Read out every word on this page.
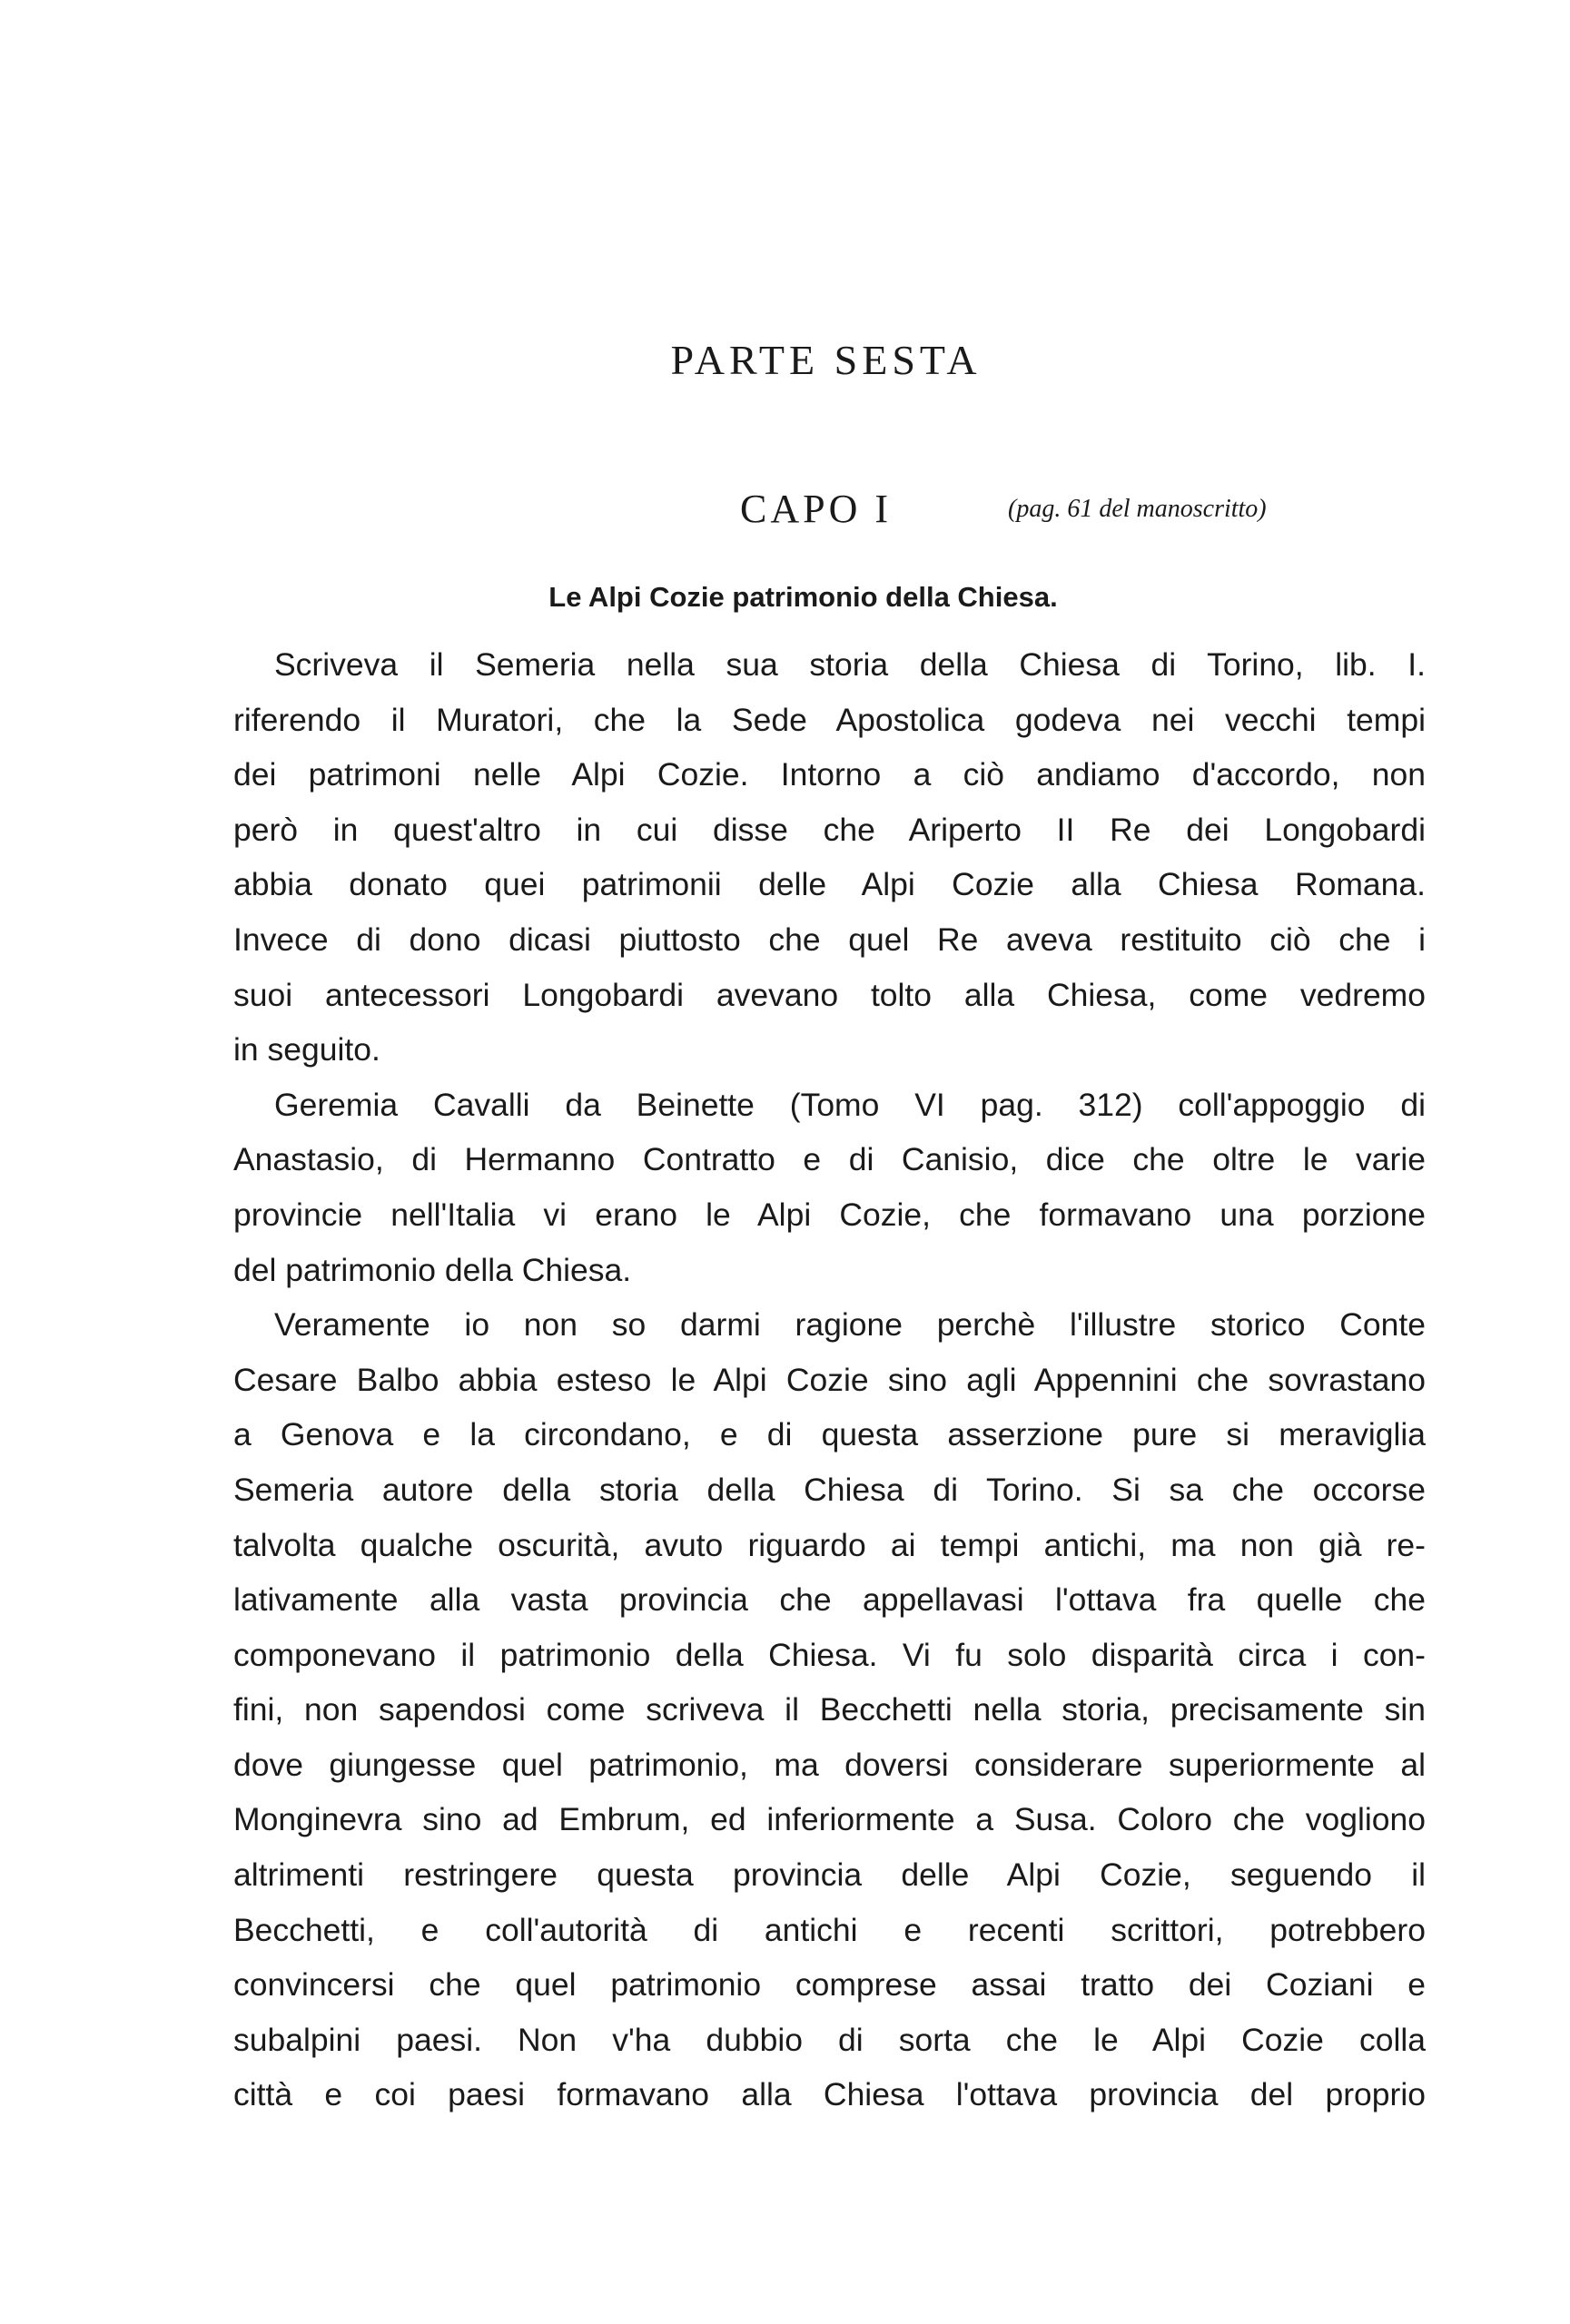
PARTE SESTA
CAPO I	(pag. 61 del manoscritto)
Le Alpi Cozie patrimonio della Chiesa.
Scriveva il Semeria nella sua storia della Chiesa di Torino, lib. I.
riferendo il Muratori, che la Sede Apostolica godeva nei vecchi tempi
dei patrimoni nelle Alpi Cozie. Intorno a ciò andiamo d'accordo, non
però in quest'altro in cui disse che Ariperto II Re dei Longobardi
abbia donato quei patrimonii delle Alpi Cozie alla Chiesa Romana.
Invece di dono dicasi piuttosto che quel Re aveva restituito ciò che i
suoi antecessori Longobardi avevano tolto alla Chiesa, come vedremo
in seguito.
Geremia Cavalli da Beinette (Tomo VI pag. 312) coll'appoggio di
Anastasio, di Hermanno Contratto e di Canisio, dice che oltre le varie
provincie nell'Italia vi erano le Alpi Cozie, che formavano una porzione
del patrimonio della Chiesa.
Veramente io non so darmi ragione perchè l'illustre storico Conte
Cesare Balbo abbia esteso le Alpi Cozie sino agli Appennini che sovrastano
a Genova e la circondano, e di questa asserzione pure si meraviglia
Semeria autore della storia della Chiesa di Torino. Si sa che occorse
talvolta qualche oscurità, avuto riguardo ai tempi antichi, ma non già re-
lativamente alla vasta provincia che appellavasi l'ottava fra quelle che
componevano il patrimonio della Chiesa. Vi fu solo disparità circa i con-
fini, non sapendosi come scriveva il Becchetti nella storia, precisamente sin
dove giungesse quel patrimonio, ma doversi considerare superiormente al
Monginevra sino ad Embrum, ed inferiormente a Susa. Coloro che vogliono
altrimenti restringere questa provincia delle Alpi Cozie, seguendo il
Becchetti, e coll'autorità di antichi e recenti scrittori, potrebbero
convincersi che quel patrimonio comprese assai tratto dei Coziani e
subalpini paesi. Non v'ha dubbio di sorta che le Alpi Cozie colla
città e coi paesi formavano alla Chiesa l'ottava provincia del proprio
